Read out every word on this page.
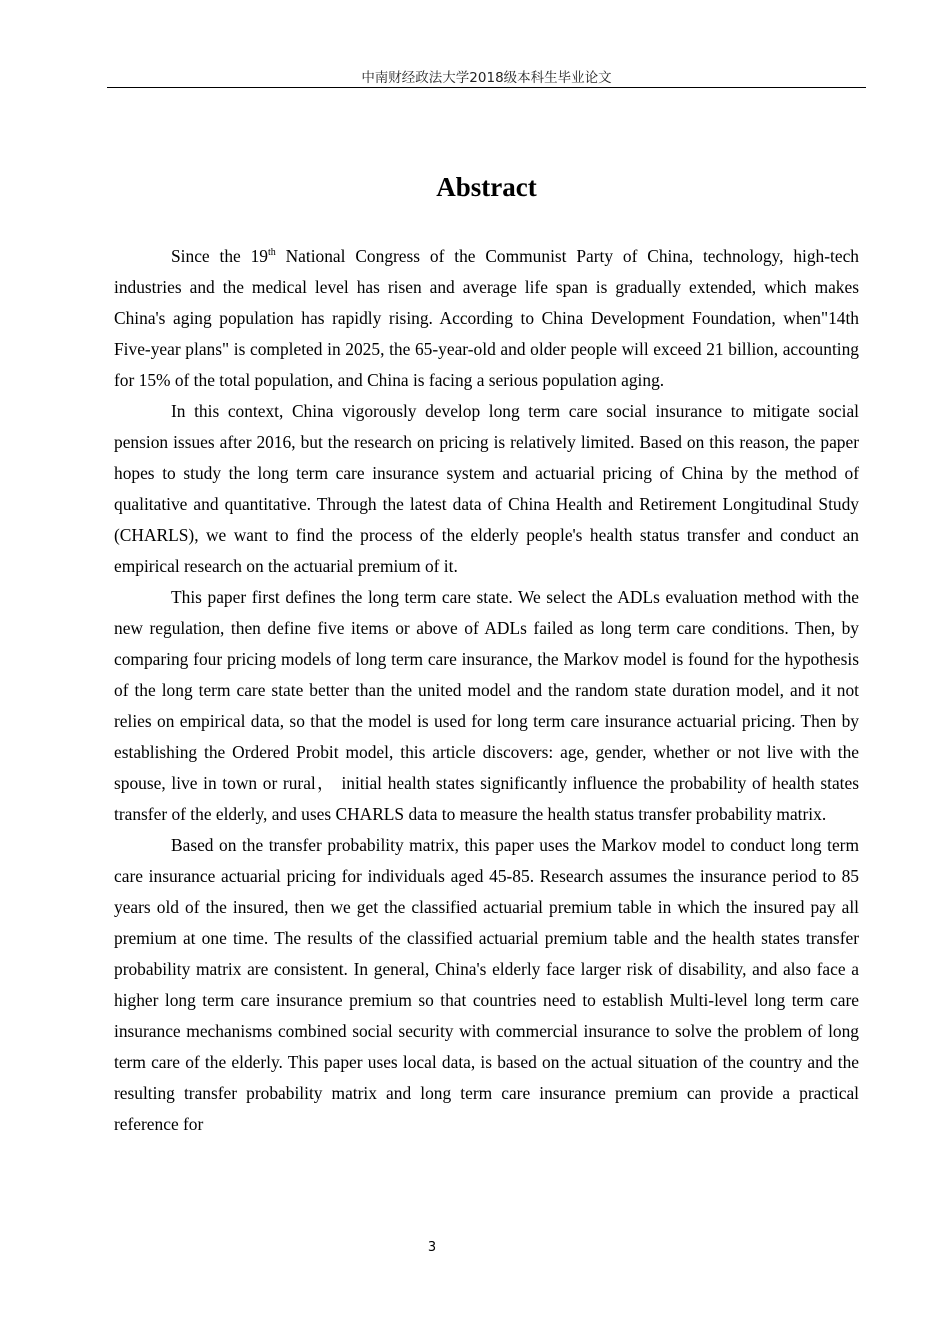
中南财经政法大学2018级本科生毕业论文
Abstract

Since the 19th National Congress of the Communist Party of China, technology, high-tech industries and the medical level has risen and average life span is gradually extended, which makes China's aging population has rapidly rising. According to China Development Foundation, when"14th Five-year plans" is completed in 2025, the 65-year-old and older people will exceed 21 billion, accounting for 15% of the total population, and China is facing a serious population aging.

In this context, China vigorously develop long term care social insurance to mitigate social pension issues after 2016, but the research on pricing is relatively limited. Based on this reason, the paper hopes to study the long term care insurance system and actuarial pricing of China by the method of qualitative and quantitative. Through the latest data of China Health and Retirement Longitudinal Study (CHARLS), we want to find the process of the elderly people's health status transfer and conduct an empirical research on the actuarial premium of it.

This paper first defines the long term care state. We select the ADLs evaluation method with the new regulation, then define five items or above of ADLs failed as long term care conditions. Then, by comparing four pricing models of long term care insurance, the Markov model is found for the hypothesis of the long term care state better than the united model and the random state duration model, and it not relies on empirical data, so that the model is used for long term care insurance actuarial pricing. Then by establishing the Ordered Probit model, this article discovers: age, gender, whether or not live with the spouse, live in town or rural， initial health states significantly influence the probability of health states transfer of the elderly, and uses CHARLS data to measure the health status transfer probability matrix.

Based on the transfer probability matrix, this paper uses the Markov model to conduct long term care insurance actuarial pricing for individuals aged 45-85. Research assumes the insurance period to 85 years old of the insured, then we get the classified actuarial premium table in which the insured pay all premium at one time. The results of the classified actuarial premium table and the health states transfer probability matrix are consistent. In general, China's elderly face larger risk of disability, and also face a higher long term care insurance premium so that countries need to establish Multi-level long term care insurance mechanisms combined social security with commercial insurance to solve the problem of long term care of the elderly. This paper uses local data, is based on the actual situation of the country and the resulting transfer probability matrix and long term care insurance premium can provide a practical reference for

3
